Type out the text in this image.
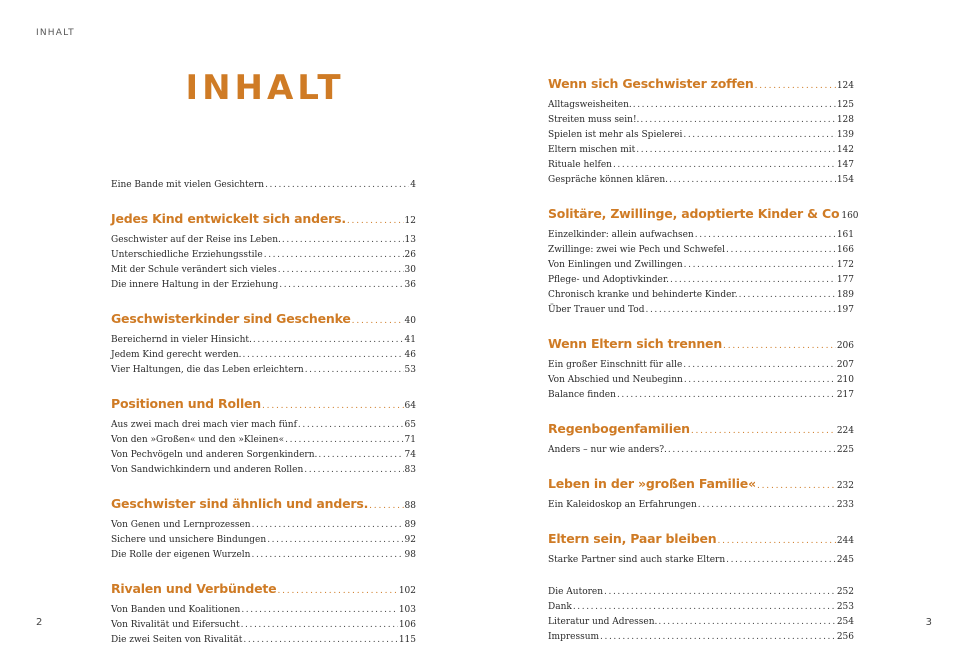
INHALT
INHALT
Eine Bande mit vielen Gesichtern .....	4
Jedes Kind entwickelt sich anders. .....	12
Geschwister auf der Reise ins Leben. .....	13
Unterschiedliche Erziehungsstile .....	26
Mit der Schule verändert sich vieles .....	30
Die innere Haltung in der Erziehung .....	36
Geschwisterkinder sind Geschenke .....	40
Bereichernd in vieler Hinsicht. .....	41
Jedem Kind gerecht werden. .....	46
Vier Haltungen, die das Leben erleichtern .....	53
Positionen und Rollen .....	64
Aus zwei mach drei mach vier mach fünf .....	65
Von den »Großen« und den »Kleinen« .....	71
Von Pechvögeln und anderen Sorgenkindern. .....	74
Von Sandwichkindern und anderen Rollen .....	83
Geschwister sind ähnlich und anders. .....	88
Von Genen und Lernprozessen .....	89
Sichere und unsichere Bindungen .....	92
Die Rolle der eigenen Wurzeln .....	98
Rivalen und Verbündete .....	102
Von Banden und Koalitionen .....	103
Von Rivalität und Eifersucht .....	106
Die zwei Seiten von Rivalität .....	115
Wenn sich Geschwister zoffen .....	124
Alltagsweisheiten. .....	125
Streiten muss sein!. .....	128
Spielen ist mehr als Spielerei .....	139
Eltern mischen mit .....	142
Rituale helfen .....	147
Gespräche können klären. .....	154
Solitäre, Zwillinge, adoptierte Kinder & Co 160
Einzelkinder: allein aufwachsen .....	161
Zwillinge: zwei wie Pech und Schwefel .....	166
Von Einlingen und Zwillingen .....	172
Pflege- und Adoptivkinder. .....	177
Chronisch kranke und behinderte Kinder. .....	189
Über Trauer und Tod .....	197
Wenn Eltern sich trennen .....	206
Ein großer Einschnitt für alle .....	207
Von Abschied und Neubeginn .....	210
Balance finden .....	217
Regenbogenfamilien .....	224
Anders – nur wie anders?. .....	225
Leben in der »großen Familie« .....	232
Ein Kaleidoskop an Erfahrungen .....	233
Eltern sein, Paar bleiben .....	244
Starke Partner sind auch starke Eltern .....	245
Die Autoren .....	252
Dank .....	253
Literatur und Adressen. .....	254
Impressum .....	256
2	3
